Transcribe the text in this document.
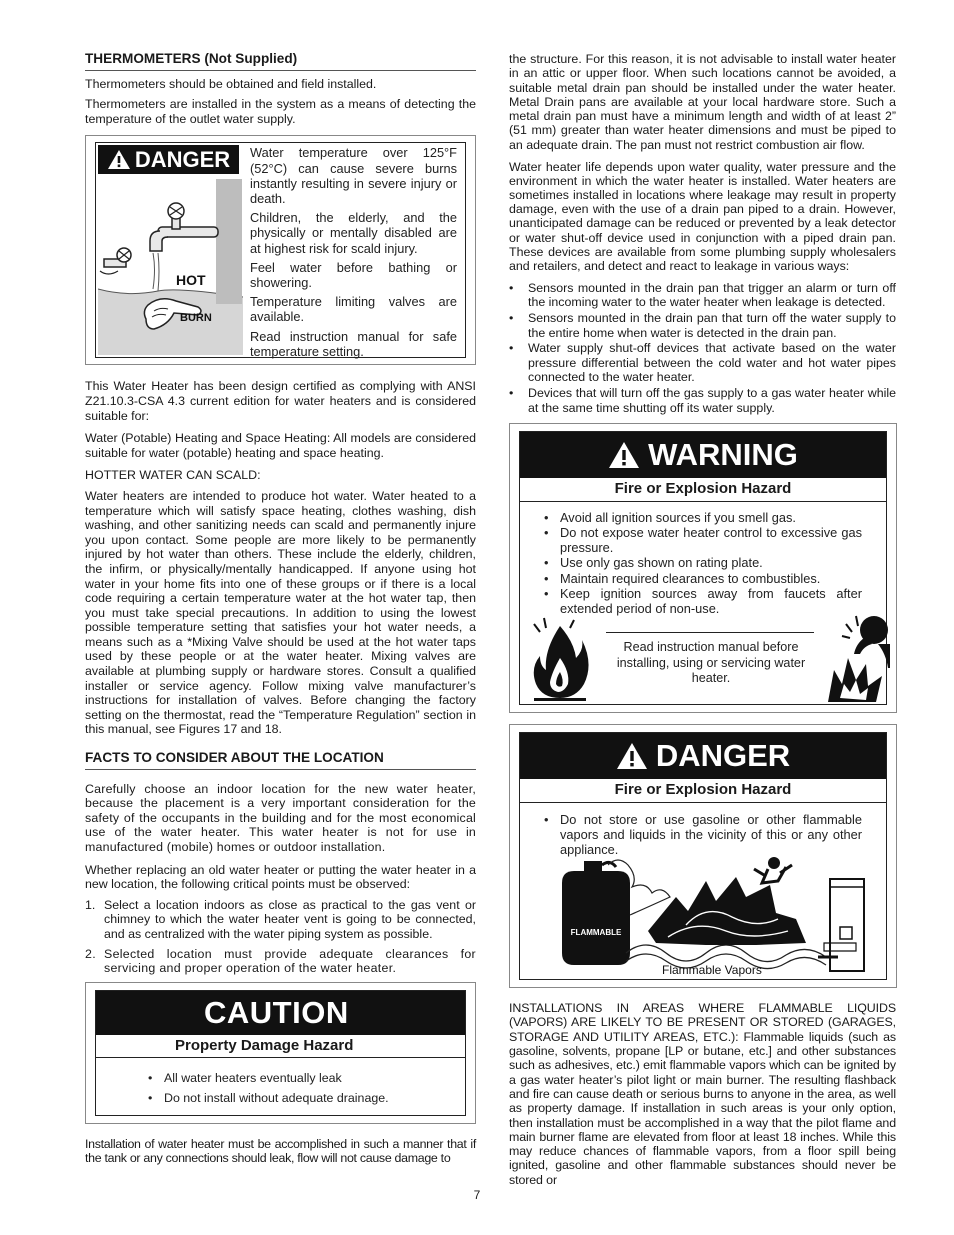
THERMOMETERS (Not Supplied)

Thermometers should be obtained and field installed.

Thermometers are installed in the system as a means of detecting the temperature of the outlet water supply.

DANGER
HOT
BURN
Water temperature over 125°F (52°C) can cause severe burns instantly resulting in severe injury or death.
Children, the elderly, and the physically or mentally disabled are at highest risk for scald injury.
Feel water before bathing or showering.
Temperature limiting valves are available.
Read instruction manual for safe temperature setting.

This Water Heater has been design certified as complying with ANSI Z21.10.3-CSA 4.3 current edition for water heaters and is considered suitable for:

Water (Potable) Heating and Space Heating: All models are considered suitable for water (potable) heating and space heating.

HOTTER WATER CAN SCALD:

Water heaters are intended to produce hot water. Water heated to a temperature which will satisfy space heating, clothes washing, dish washing, and other sanitizing needs can scald and permanently injure you upon contact. Some people are more likely to be permanently injured by hot water than others. These include the elderly, children, the infirm, or physically/mentally handicapped. If anyone using hot water in your home fits into one of these groups or if there is a local code requiring a certain temperature water at the hot water tap, then you must take special precautions. In addition to using the lowest possible temperature setting that satisfies your hot water needs, a means such as a *Mixing Valve should be used at the hot water taps used by these people or at the water heater. Mixing valves are available at plumbing supply or hardware stores. Consult a qualified installer or service agency. Follow mixing valve manufacturer’s instructions for installation of valves. Before changing the factory setting on the thermostat, read the “Temperature Regulation” section in this manual, see Figures 17 and 18.

FACTS TO CONSIDER ABOUT THE LOCATION

Carefully choose an indoor location for the new water heater, because the placement is a very important consideration for the safety of the occupants in the building and for the most economical use of the water heater. This water heater is not for use in manufactured (mobile) homes or outdoor installation.

Whether replacing an old water heater or putting the water heater in a new location, the following critical points must be observed:

1. Select a location indoors as close as practical to the gas vent or chimney to which the water heater vent is going to be connected, and as centralized with the water piping system as possible.
2. Selected location must provide adequate clearances for servicing and proper operation of the water heater.
CAUTION
Property Damage Hazard
• All water heaters eventually leak
• Do not install without adequate drainage.

Installation of water heater must be accomplished in such a manner that if the tank or any connections should leak, flow will not cause damage to

the structure. For this reason, it is not advisable to install water heater in an attic or upper floor. When such locations cannot be avoided, a suitable metal drain pan should be installed under the water heater. Metal Drain pans are available at your local hardware store. Such a metal drain pan must have a minimum length and width of at least 2” (51 mm) greater than water heater dimensions and must be piped to an adequate drain. The pan must not restrict combustion air flow.

Water heater life depends upon water quality, water pressure and the environment in which the water heater is installed. Water heaters are sometimes installed in locations where leakage may result in property damage, even with the use of a drain pan piped to a drain. However, unanticipated damage can be reduced or prevented by a leak detector or water shut-off device used in conjunction with a piped drain pan. These devices are available from some plumbing supply wholesalers and retailers, and detect and react to leakage in various ways:

• Sensors mounted in the drain pan that trigger an alarm or turn off the incoming water to the water heater when leakage is detected.
• Sensors mounted in the drain pan that turn off the water supply to the entire home when water is detected in the drain pan.
• Water supply shut-off devices that activate based on the water pressure differential between the cold water and hot water pipes connected to the water heater.
• Devices that will turn off the gas supply to a gas water heater while at the same time shutting off its water supply.
WARNING
Fire or Explosion Hazard
• Avoid all ignition sources if you smell gas.
• Do not expose water heater control to excessive gas pressure.
• Use only gas shown on rating plate.
• Maintain required clearances to combustibles.
• Keep ignition sources away from faucets after extended period of non-use.
Read instruction manual before installing, using or servicing water heater.
DANGER
Fire or Explosion Hazard
• Do not store or use gasoline or other flammable vapors and liquids in the vicinity of this or any other appliance.
FLAMMABLE
Flammable Vapors

INSTALLATIONS IN AREAS WHERE FLAMMABLE LIQUIDS (VAPORS) ARE LIKELY TO BE PRESENT OR STORED (GARAGES, STORAGE AND UTILITY AREAS, ETC.): Flammable liquids (such as gasoline, solvents, propane [LP or butane, etc.] and other substances such as adhesives, etc.) emit flammable vapors which can be ignited by a gas water heater’s pilot light or main burner. The resulting flashback and fire can cause death or serious burns to anyone in the area, as well as property damage. If installation in such areas is your only option, then installation must be accomplished in a way that the pilot flame and main burner flame are elevated from floor at least 18 inches. While this may reduce chances of flammable vapors, from a floor spill being ignited, gasoline and other flammable substances should never be stored or

7
